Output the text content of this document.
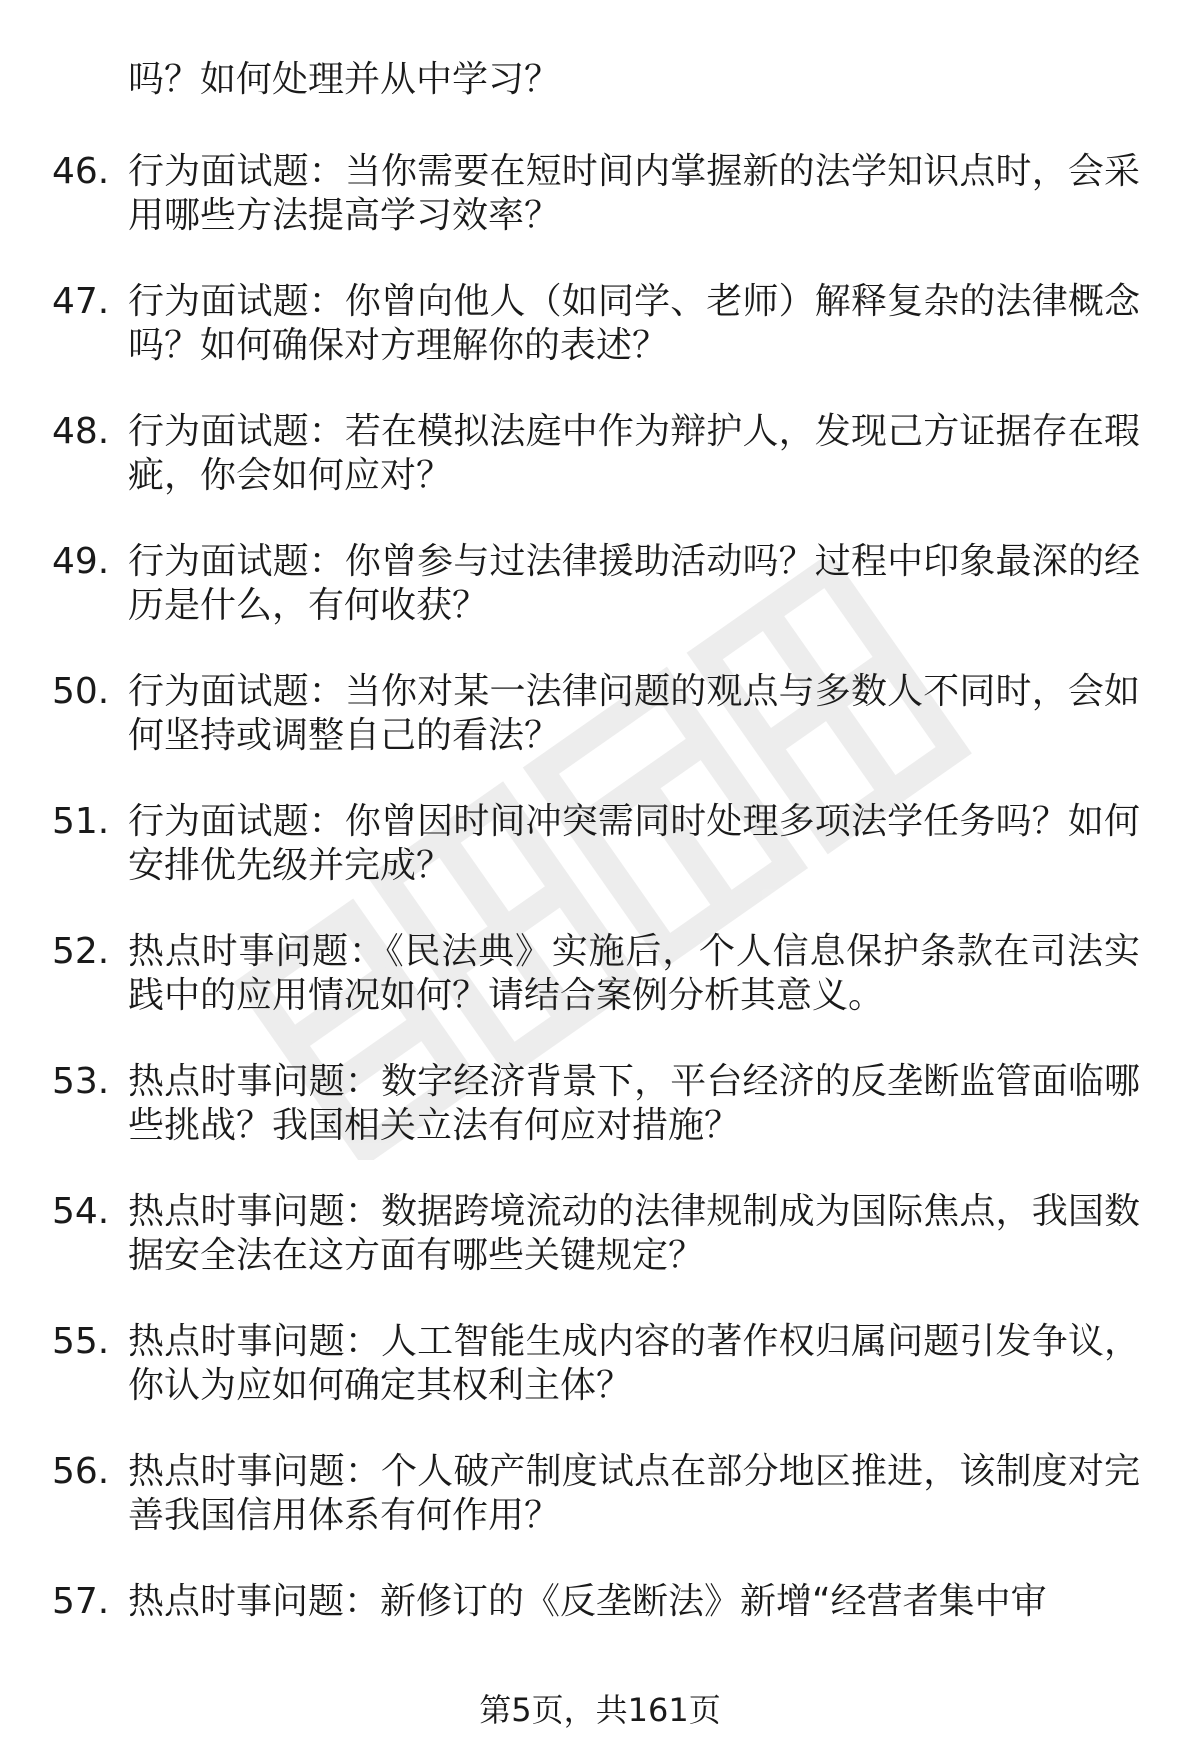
吗？如何处理并从中学习？
46. 行为面试题：当你需要在短时间内掌握新的法学知识点时，会采用哪些方法提高学习效率？
47. 行为面试题：你曾向他人（如同学、老师）解释复杂的法律概念吗？如何确保对方理解你的表述？
48. 行为面试题：若在模拟法庭中作为辩护人，发现己方证据存在瑕疵，你会如何应对？
49. 行为面试题：你曾参与过法律援助活动吗？过程中印象最深的经历是什么，有何收获？
50. 行为面试题：当你对某一法律问题的观点与多数人不同时，会如何坚持或调整自己的看法？
51. 行为面试题：你曾因时间冲突需同时处理多项法学任务吗？如何安排优先级并完成？
52. 热点时事问题：《民法典》实施后，个人信息保护条款在司法实践中的应用情况如何？请结合案例分析其意义。
53. 热点时事问题：数字经济背景下，平台经济的反垄断监管面临哪些挑战？我国相关立法有何应对措施？
54. 热点时事问题：数据跨境流动的法律规制成为国际焦点，我国数据安全法在这方面有哪些关键规定？
55. 热点时事问题：人工智能生成内容的著作权归属问题引发争议，你认为应如何确定其权利主体？
56. 热点时事问题：个人破产制度试点在部分地区推进，该制度对完善我国信用体系有何作用？
57. 热点时事问题：新修订的《反垄断法》新增“经营者集中审
第5页，共161页
